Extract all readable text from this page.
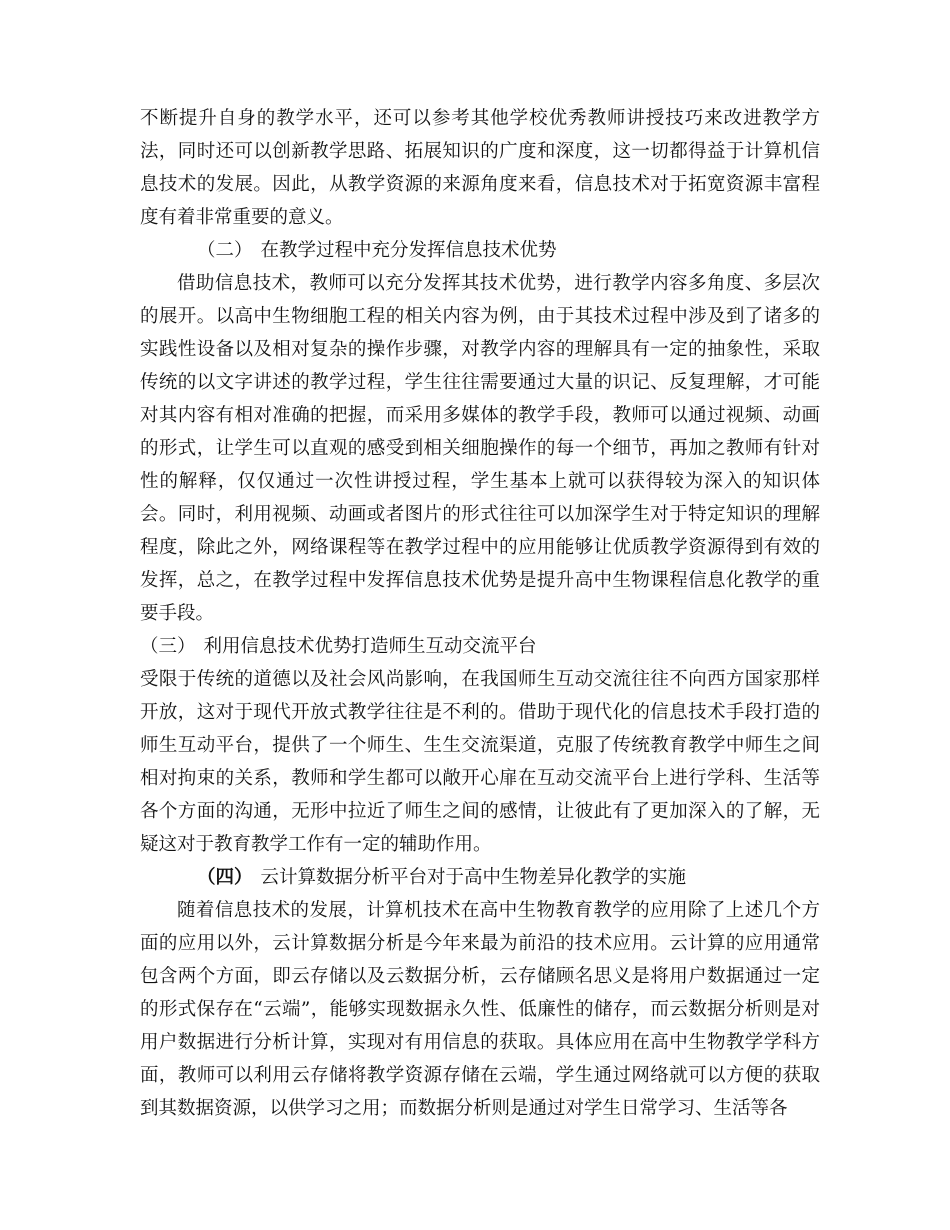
不断提升自身的教学水平，还可以参考其他学校优秀教师讲授技巧来改进教学方法，同时还可以创新教学思路、拓展知识的广度和深度，这一切都得益于计算机信息技术的发展。因此，从教学资源的来源角度来看，信息技术对于拓宽资源丰富程度有着非常重要的意义。

（二） 在教学过程中充分发挥信息技术优势

借助信息技术，教师可以充分发挥其技术优势，进行教学内容多角度、多层次的展开。以高中生物细胞工程的相关内容为例，由于其技术过程中涉及到了诸多的实践性设备以及相对复杂的操作步骤，对教学内容的理解具有一定的抽象性，采取传统的以文字讲述的教学过程，学生往往需要通过大量的识记、反复理解，才可能对其内容有相对准确的把握，而采用多媒体的教学手段，教师可以通过视频、动画的形式，让学生可以直观的感受到相关细胞操作的每一个细节，再加之教师有针对性的解释，仅仅通过一次性讲授过程，学生基本上就可以获得较为深入的知识体会。同时，利用视频、动画或者图片的形式往往可以加深学生对于特定知识的理解程度，除此之外，网络课程等在教学过程中的应用能够让优质教学资源得到有效的发挥，总之，在教学过程中发挥信息技术优势是提升高中生物课程信息化教学的重要手段。

（三） 利用信息技术优势打造师生互动交流平台

受限于传统的道德以及社会风尚影响，在我国师生互动交流往往不向西方国家那样开放，这对于现代开放式教学往往是不利的。借助于现代化的信息技术手段打造的师生互动平台，提供了一个师生、生生交流渠道，克服了传统教育教学中师生之间相对拘束的关系，教师和学生都可以敞开心扉在互动交流平台上进行学科、生活等各个方面的沟通，无形中拉近了师生之间的感情，让彼此有了更加深入的了解，无疑这对于教育教学工作有一定的辅助作用。

（四） 云计算数据分析平台对于高中生物差异化教学的实施

随着信息技术的发展，计算机技术在高中生物教育教学的应用除了上述几个方面的应用以外，云计算数据分析是今年来最为前沿的技术应用。云计算的应用通常包含两个方面，即云存储以及云数据分析，云存储顾名思义是将用户数据通过一定的形式保存在“云端”，能够实现数据永久性、低廉性的储存，而云数据分析则是对用户数据进行分析计算，实现对有用信息的获取。具体应用在高中生物教学学科方面，教师可以利用云存储将教学资源存储在云端，学生通过网络就可以方便的获取到其数据资源，以供学习之用；而数据分析则是通过对学生日常学习、生活等各
